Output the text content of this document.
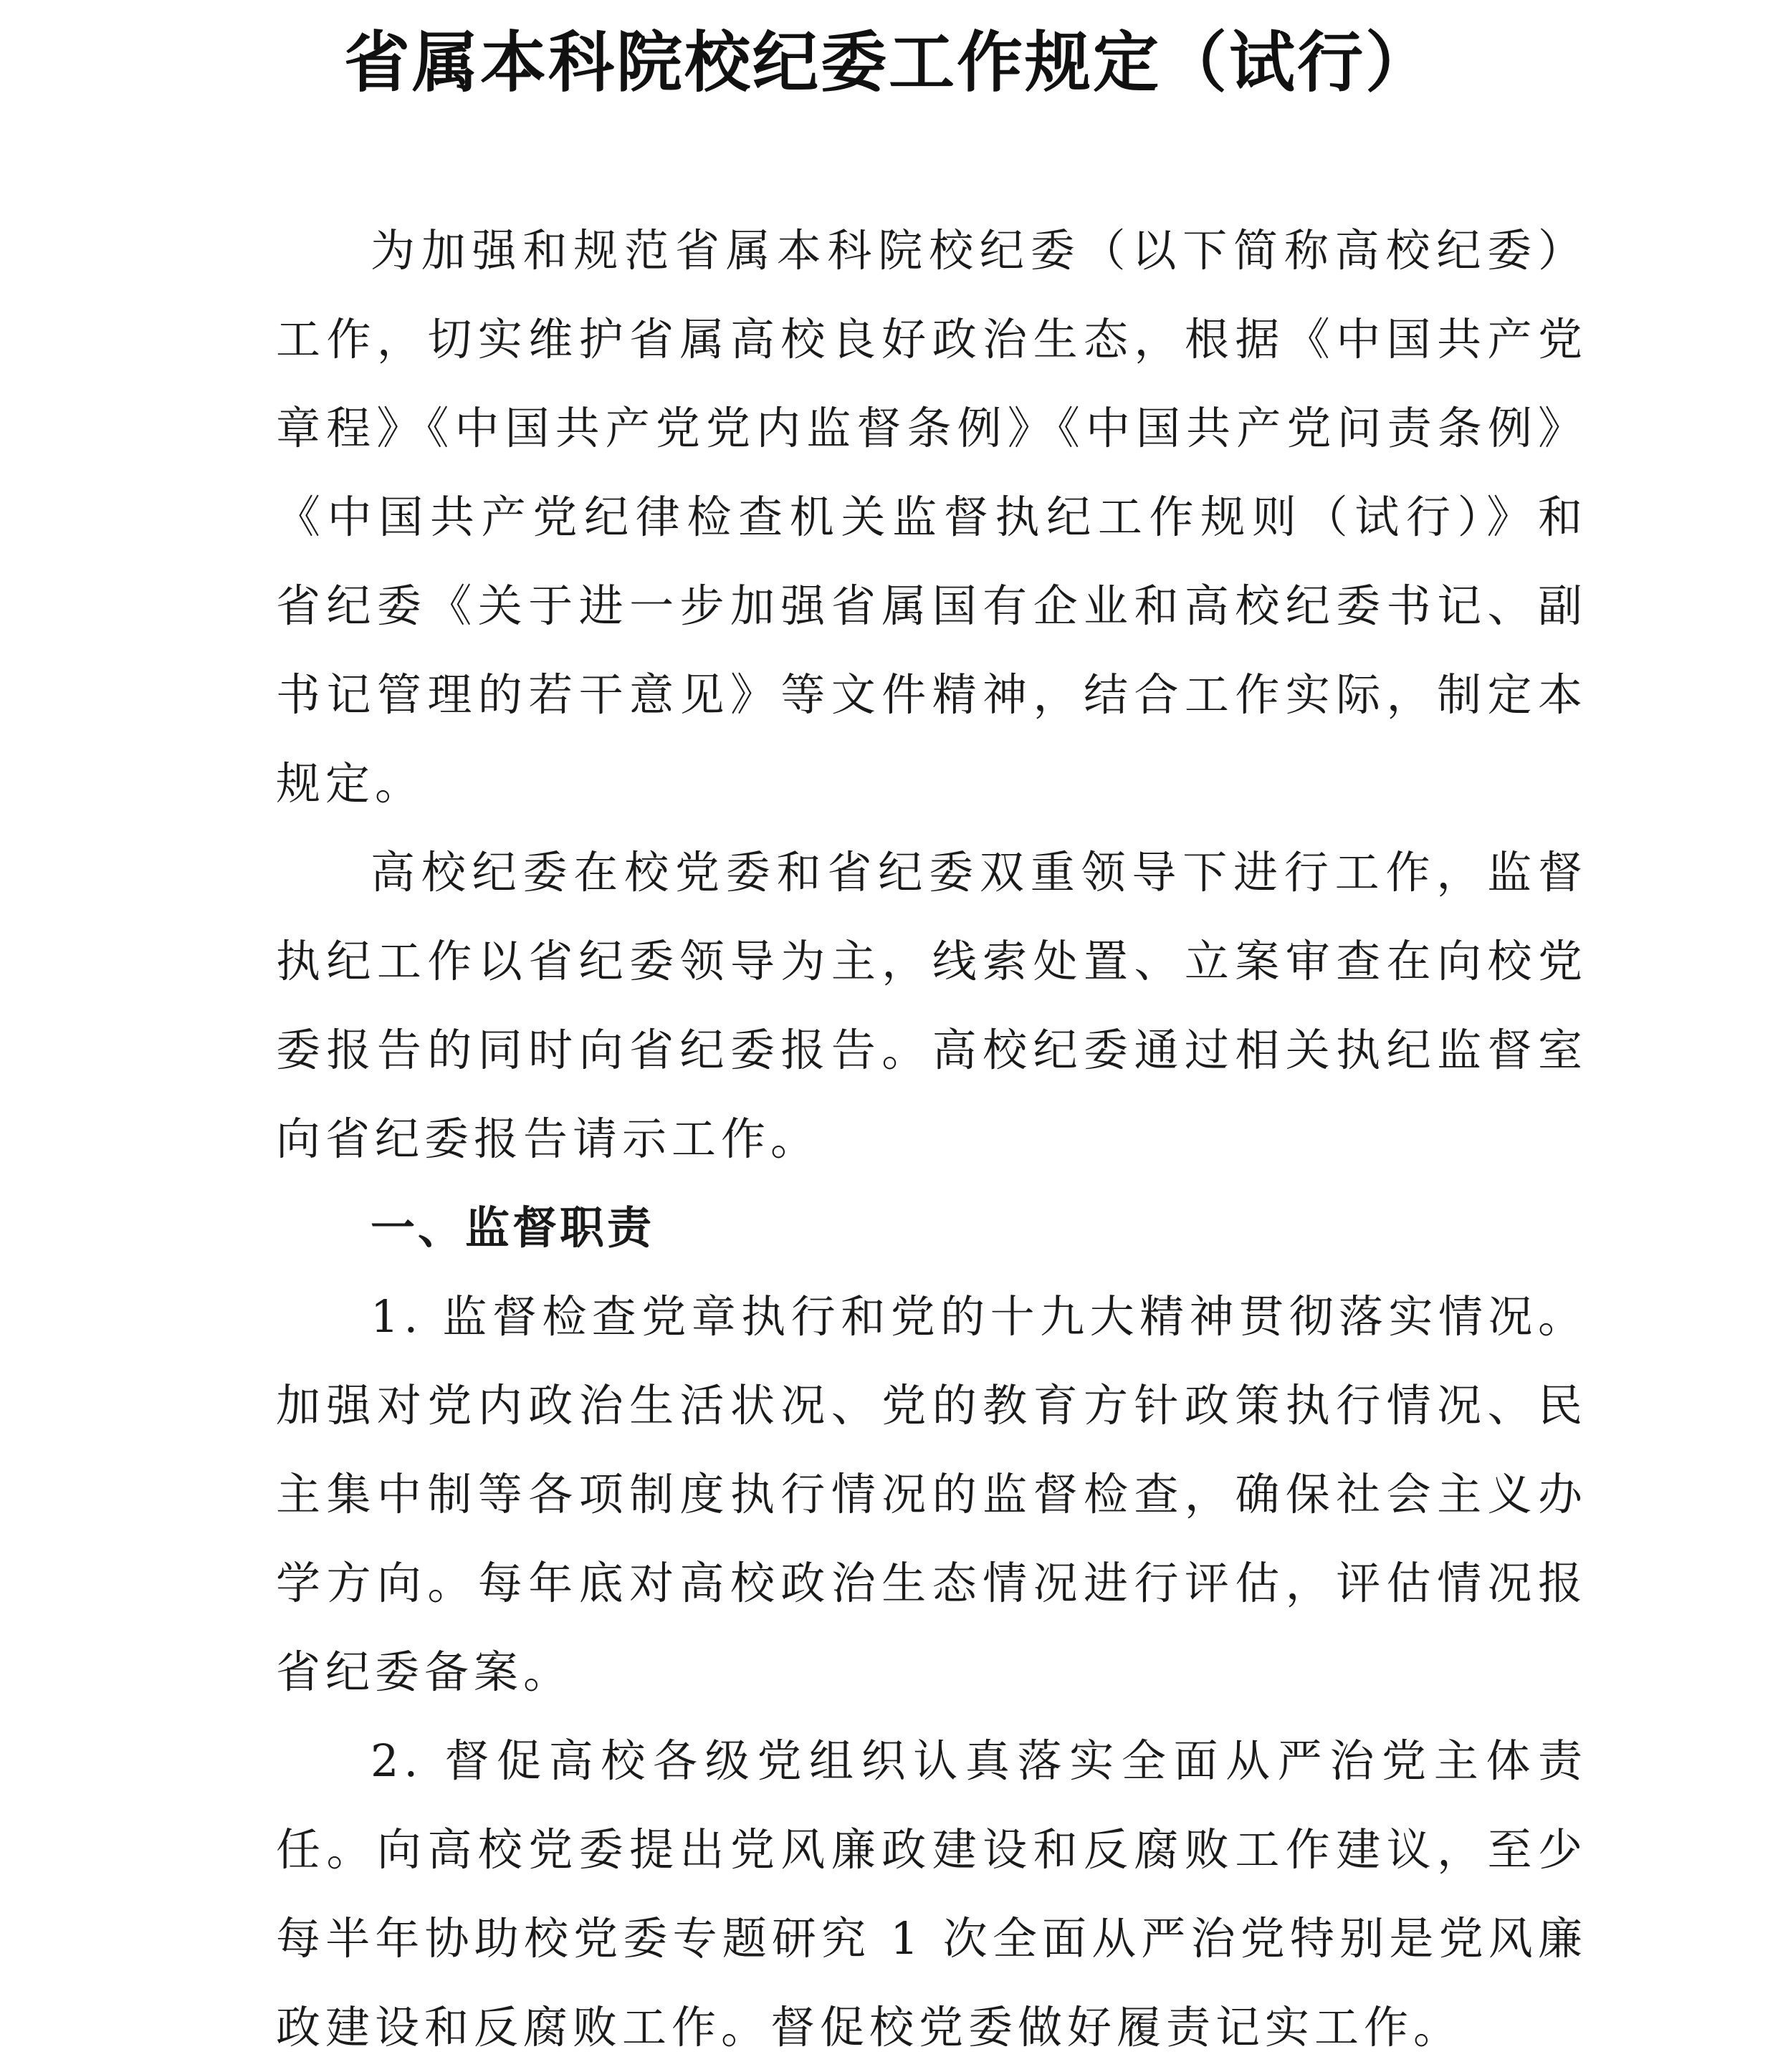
省属本科院校纪委工作规定（试行）

为加强和规范省属本科院校纪委（以下简称高校纪委）工作，切实维护省属高校良好政治生态，根据《中国共产党章程》《中国共产党党内监督条例》《中国共产党问责条例》《中国共产党纪律检查机关监督执纪工作规则（试行）》和省纪委《关于进一步加强省属国有企业和高校纪委书记、副书记管理的若干意见》等文件精神，结合工作实际，制定本规定。

高校纪委在校党委和省纪委双重领导下进行工作，监督执纪工作以省纪委领导为主，线索处置、立案审查在向校党委报告的同时向省纪委报告。高校纪委通过相关执纪监督室向省纪委报告请示工作。

一、监督职责

1. 监督检查党章执行和党的十九大精神贯彻落实情况。加强对党内政治生活状况、党的教育方针政策执行情况、民主集中制等各项制度执行情况的监督检查，确保社会主义办学方向。每年底对高校政治生态情况进行评估，评估情况报省纪委备案。

2. 督促高校各级党组织认真落实全面从严治党主体责任。向高校党委提出党风廉政建设和反腐败工作建议，至少每半年协助校党委专题研究 1 次全面从严治党特别是党风廉政建设和反腐败工作。督促校党委做好履责记实工作。
